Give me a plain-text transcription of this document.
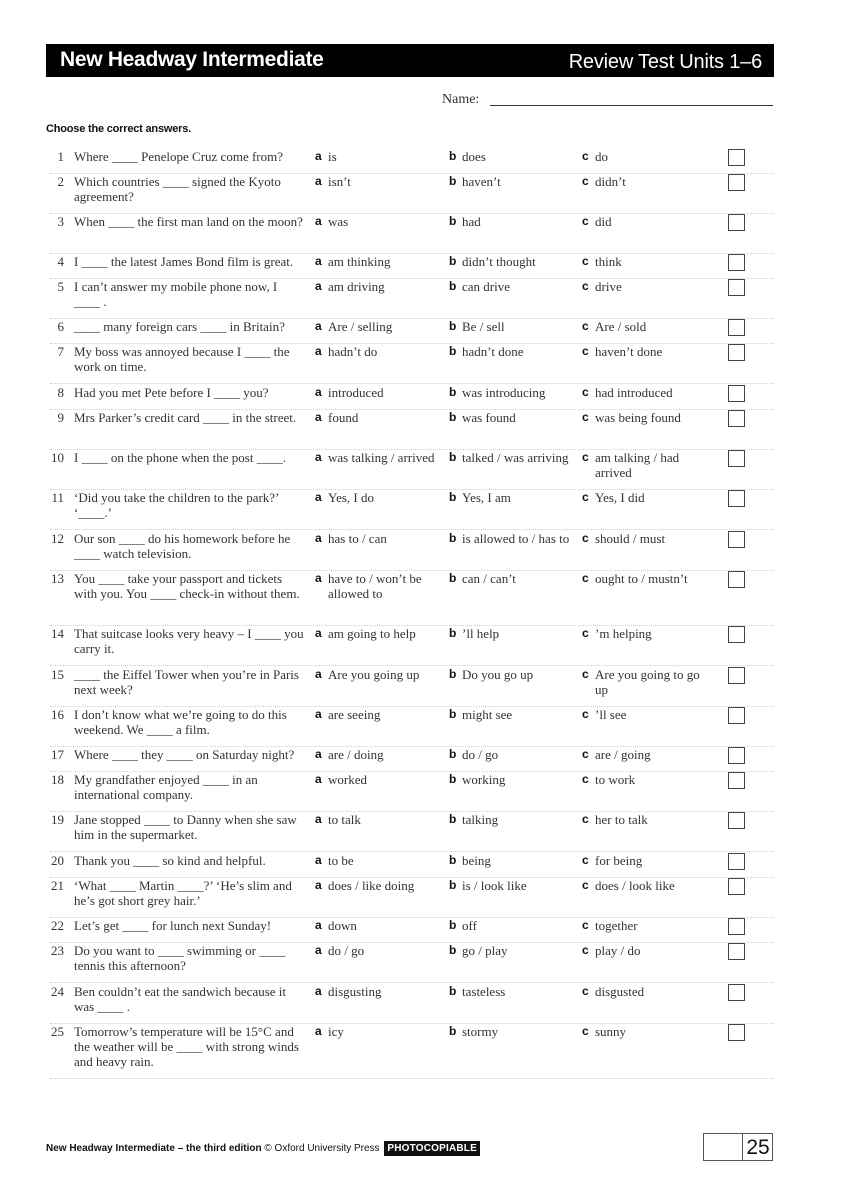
New Headway Intermediate	Review Test Units 1–6
Name:
Choose the correct answers.
1 Where ____ Penelope Cruz come from?	a is	b does	c do
2 Which countries ____ signed the Kyoto agreement?
a isn’t	b haven’t	c didn’t
3 When ____ the first man land on the moon? a was	b had	c did
4 I ____ the latest James Bond film is great.	a am thinking	b didn’t thought	c think
5 I can’t answer my mobile phone now, I ____ .
a am driving	b can drive	c drive
6 ____ many foreign cars ____ in Britain?	a Are / selling	b Be / sell	c Are / sold
7 My boss was annoyed because I ____ the work on time.
a hadn’t do	b hadn’t done	c haven’t done
8 Had you met Pete before I ____ you?	a introduced	b was introducing	c had introduced
9 Mrs Parker’s credit card ____ in the street.	a found	b was found	c was being found
10 I ____ on the phone when the post ____.	a was talking / arrived	b talked / was arriving	c am talking / had arrived
11 ‘Did you take the children to the park?’ ‘____.’
a Yes, I do	b Yes, I am	c Yes, I did
12 Our son ____ do his homework before he ____ watch television.
a has to / can	b is allowed to / has to	c should / must
13 You ____ take your passport and tickets with you. You ____ check-in without them.
a have to / won’t be allowed to
b can / can’t	c ought to / mustn’t
14 That suitcase looks very heavy – I ____ you carry it.
a am going to help	b ’ll help	c ’m helping
15 ____ the Eiffel Tower when you’re in Paris next week?
a Are you going up	b Do you go up	c Are you going to go up
16 I don’t know what we’re going to do this weekend. We ____ a film.
a are seeing	b might see	c ’ll see
17 Where ____ they ____ on Saturday night?	a are / doing	b do / go	c are / going
18 My grandfather enjoyed ____ in an international company.
a worked	b working	c to work
19 Jane stopped ____ to Danny when she saw him in the supermarket.
a to talk	b talking	c her to talk
20 Thank you ____ so kind and helpful.	a to be	b being	c for being
21 ‘What ____ Martin ____?’ ‘He’s slim and he’s got short grey hair.’
a does / like doing	b is / look like	c does / look like
22 Let’s get ____ for lunch next Sunday!	a down	b off	c together
23 Do you want to ____ swimming or ____ tennis this afternoon?
a do / go	b go / play	c play / do
24 Ben couldn’t eat the sandwich because it was ____ .
a disgusting	b tasteless	c disgusted
25 Tomorrow’s temperature will be 15°C and the weather will be ____ with strong winds and heavy rain.
a icy	b stormy	c sunny
New Headway Intermediate – the third edition © Oxford University Press PHOTOCOPIABLE	25
